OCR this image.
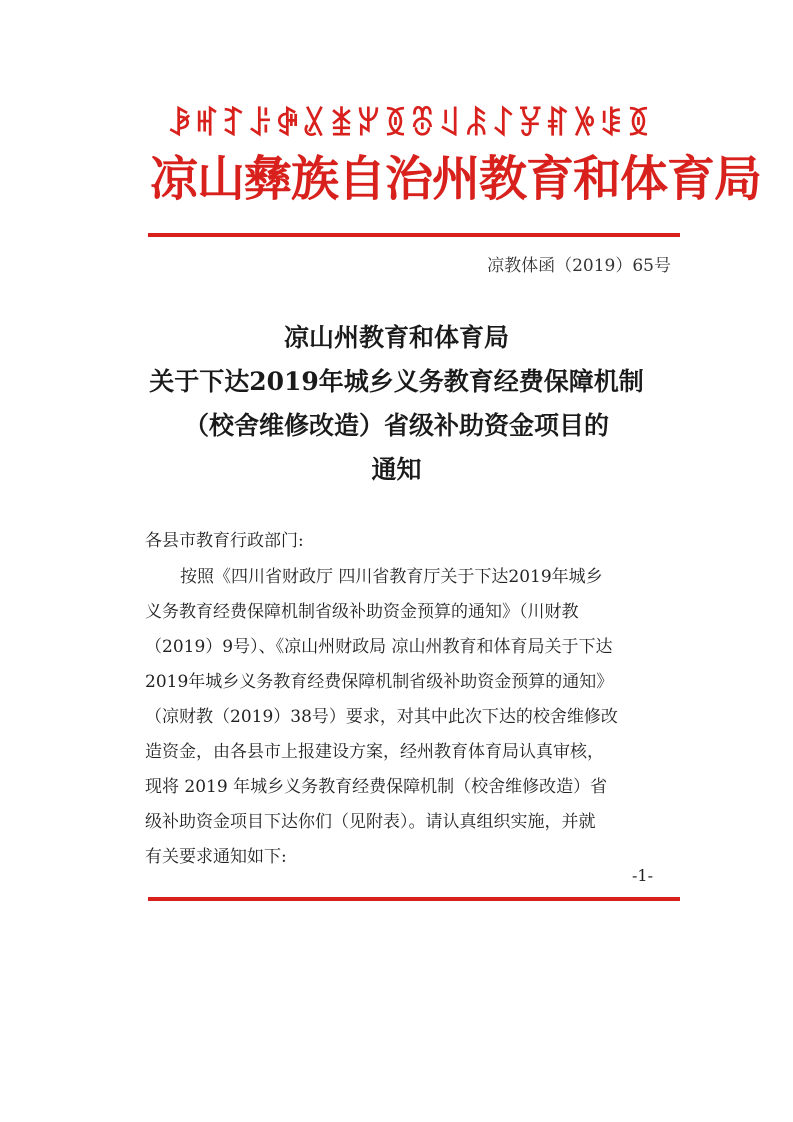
ꆃꎭꆈꌠꋤꊪꁧꏃꅉꁨꆹꄯꋍꐯꐥꉼꌐꅉ
凉山彝族自治州教育和体育局
凉教体函（2019）65号
凉山州教育和体育局
关于下达2019年城乡义务教育经费保障机制
（校舍维修改造）省级补助资金项目的
通知
各县市教育行政部门:
按照《四川省财政厅 四川省教育厅关于下达2019年城乡
义务教育经费保障机制省级补助资金预算的通知》（川财教
（2019）9号）、《凉山州财政局 凉山州教育和体育局关于下达
2019年城乡义务教育经费保障机制省级补助资金预算的通知》
（凉财教（2019）38号）要求，对其中此次下达的校舍维修改
造资金，由各县市上报建设方案，经州教育体育局认真审核，
现将 2019 年城乡义务教育经费保障机制（校舍维修改造）省
级补助资金项目下达你们（见附表）。请认真组织实施，并就
有关要求通知如下:
-1-
